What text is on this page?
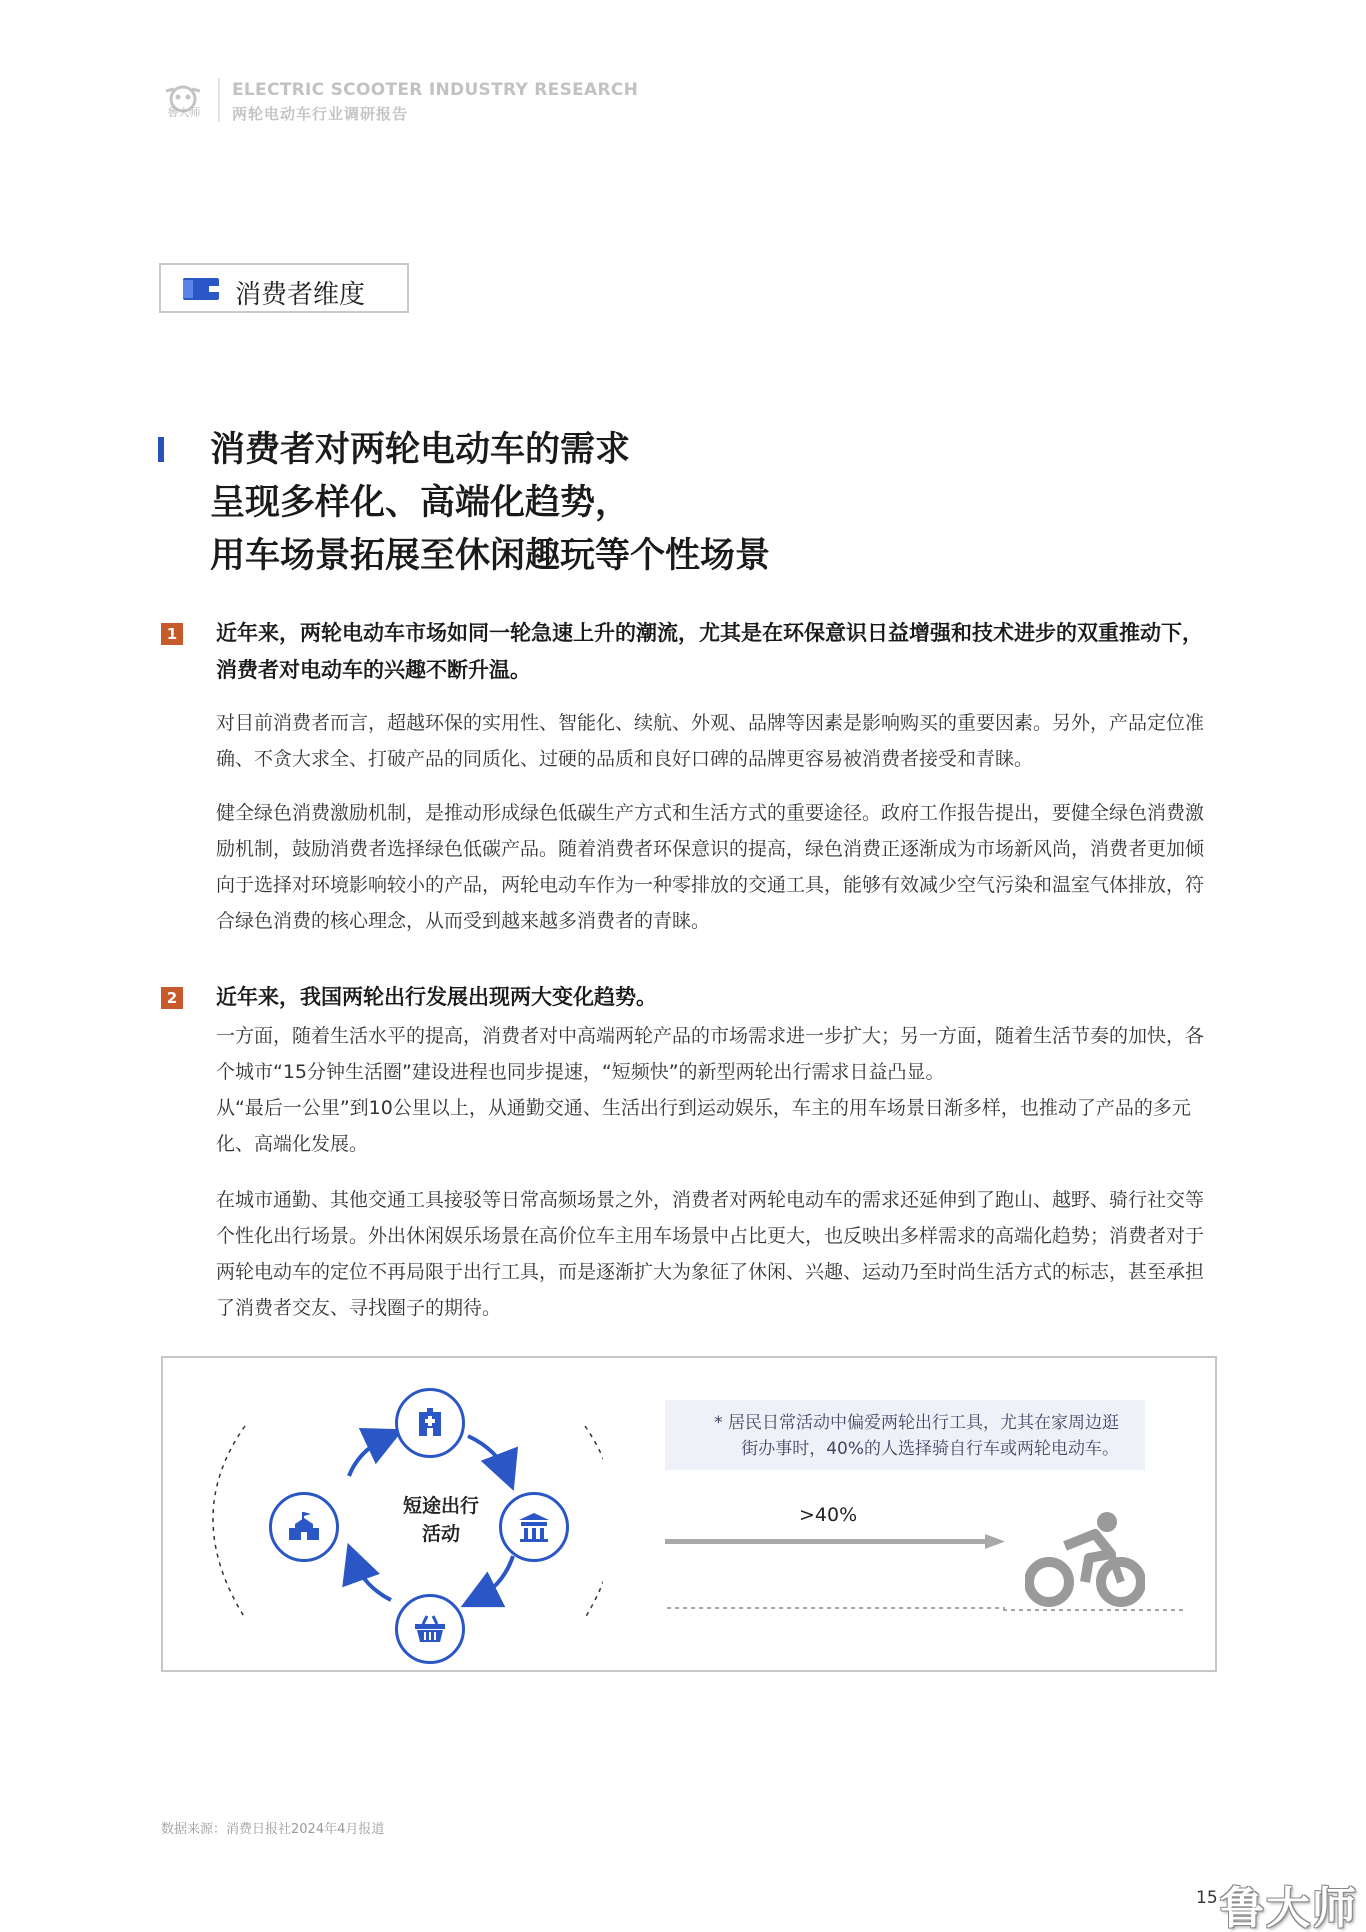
鲁大师
ELECTRIC SCOOTER INDUSTRY RESEARCH
两轮电动车行业调研报告
消费者维度
消费者对两轮电动车的需求
呈现多样化、高端化趋势，
用车场景拓展至休闲趣玩等个性场景
1 近年来，两轮电动车市场如同一轮急速上升的潮流，尤其是在环保意识日益增强和技术进步的双重推动下，消费者对电动车的兴趣不断升温。
对目前消费者而言，超越环保的实用性、智能化、续航、外观、品牌等因素是影响购买的重要因素。另外，产品定位准确、不贪大求全、打破产品的同质化、过硬的品质和良好口碑的品牌更容易被消费者接受和青睐。
健全绿色消费激励机制，是推动形成绿色低碳生产方式和生活方式的重要途径。政府工作报告提出，要健全绿色消费激励机制，鼓励消费者选择绿色低碳产品。随着消费者环保意识的提高，绿色消费正逐渐成为市场新风尚，消费者更加倾向于选择对环境影响较小的产品，两轮电动车作为一种零排放的交通工具，能够有效减少空气污染和温室气体排放，符合绿色消费的核心理念，从而受到越来越多消费者的青睐。
2 近年来，我国两轮出行发展出现两大变化趋势。
一方面，随着生活水平的提高，消费者对中高端两轮产品的市场需求进一步扩大；另一方面，随着生活节奏的加快，各个城市“15分钟生活圈”建设进程也同步提速，“短频快”的新型两轮出行需求日益凸显。
从“最后一公里”到10公里以上，从通勤交通、生活出行到运动娱乐，车主的用车场景日渐多样，也推动了产品的多元化、高端化发展。
在城市通勤、其他交通工具接驳等日常高频场景之外，消费者对两轮电动车的需求还延伸到了跑山、越野、骑行社交等个性化出行场景。外出休闲娱乐场景在高价位车主用车场景中占比更大，也反映出多样需求的高端化趋势；消费者对于两轮电动车的定位不再局限于出行工具，而是逐渐扩大为象征了休闲、兴趣、运动乃至时尚生活方式的标志，甚至承担了消费者交友、寻找圈子的期待。
短途出行
活动
* 居民日常活动中偏爱两轮出行工具，尤其在家周边逛
街办事时，40%的人选择骑自行车或两轮电动车。
>40%
数据来源：消费日报社2024年4月报道
15 鲁大师
